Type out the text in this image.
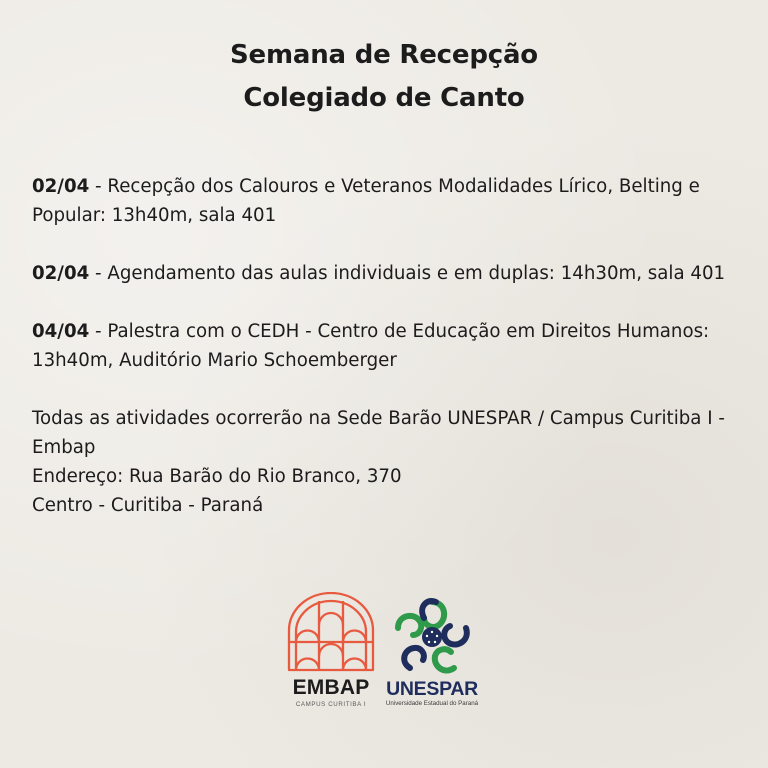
Semana de Recepção
Colegiado de Canto

02/04 - Recepção dos Calouros e Veteranos Modalidades Lírico, Belting e Popular: 13h40m, sala 401

02/04 - Agendamento das aulas individuais e em duplas: 14h30m, sala 401

04/04 - Palestra com o CEDH - Centro de Educação em Direitos Humanos: 13h40m, Auditório Mario Schoemberger

Todas as atividades ocorrerão na Sede Barão UNESPAR / Campus Curitiba I - Embap
Endereço: Rua Barão do Rio Branco, 370
Centro - Curitiba - Paraná
EMBAP
CAMPUS CURITIBA I
UNESPAR
Universidade Estadual do Paraná
